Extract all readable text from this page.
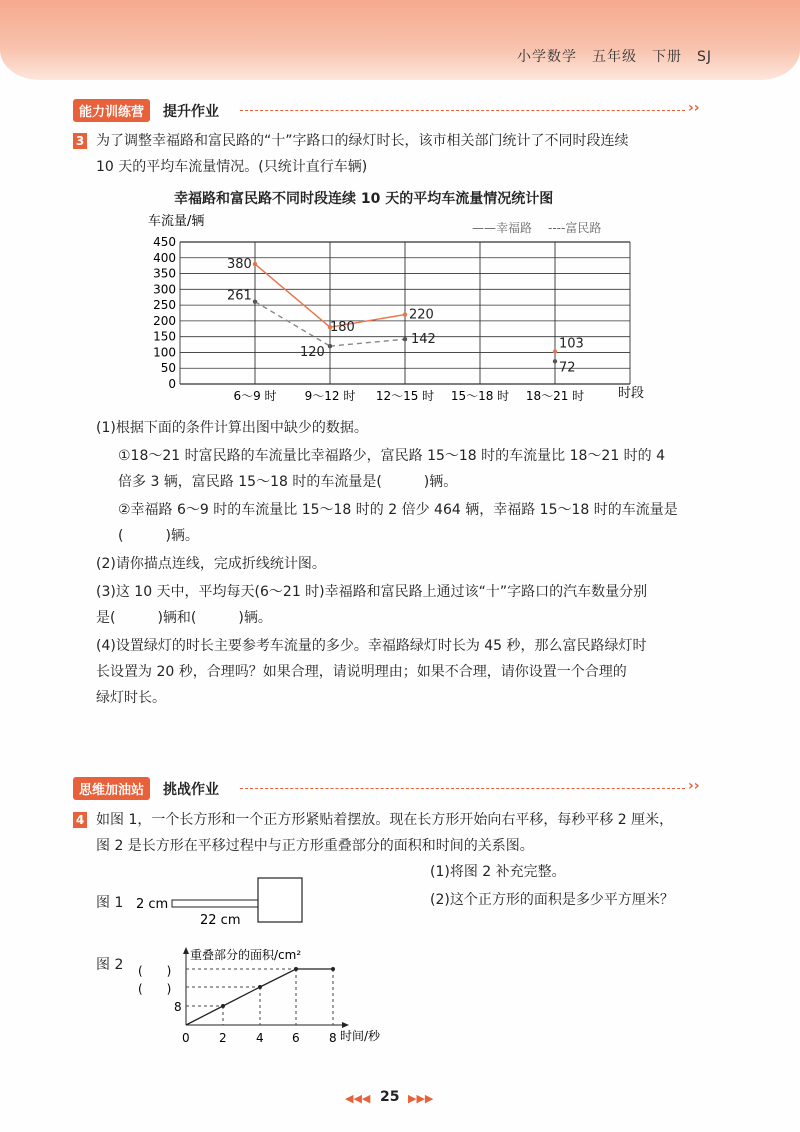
小学数学　五年级　下册　SJ
能力训练营	提升作业	››
3 为了调整幸福路和富民路的“十”字路口的绿灯时长，该市相关部门统计了不同时段连续
10 天的平均车流量情况。(只统计直行车辆)
幸福路和富民路不同时段连续 10 天的平均车流量情况统计图
0
50
100
150
200
250
300
350
400
450
6～9 时 9～12 时 12～15 时 15～18 时 18～21 时
380
180
220
103
261
120
142
72
车流量/辆	——幸福路 ----富民路
时段
(1)根据下面的条件计算出图中缺少的数据。
①18～21 时富民路的车流量比幸福路少，富民路 15～18 时的车流量比 18～21 时的 4
倍多 3 辆，富民路 15～18 时的车流量是(　　　)辆。
②幸福路 6～9 时的车流量比 15～18 时的 2 倍少 464 辆，幸福路 15～18 时的车流量是
(　　　)辆。
(2)请你描点连线，完成折线统计图。
(3)这 10 天中，平均每天(6～21 时)幸福路和富民路上通过该“十”字路口的汽车数量分别
是(　　　)辆和(　　　)辆。
(4)设置绿灯的时长主要参考车流量的多少。幸福路绿灯时长为 45 秒，那么富民路绿灯时
长设置为 20 秒，合理吗？如果合理，请说明理由；如果不合理，请你设置一个合理的
绿灯时长。
思维加油站	挑战作业	››
4 如图 1，一个长方形和一个正方形紧贴着摆放。现在长方形开始向右平移，每秒平移 2 厘米，
图 2 是长方形在平移过程中与正方形重叠部分的面积和时间的关系图。
(1)将图 2 补充完整。
(2)这个正方形的面积是多少平方厘米？
图 1 2 cm
22 cm
图 2
重叠部分的面积/cm²
时间/秒
(　　)
(　　)
8
0 2 4 6 8
◀◀◀ 25 ▶▶▶
